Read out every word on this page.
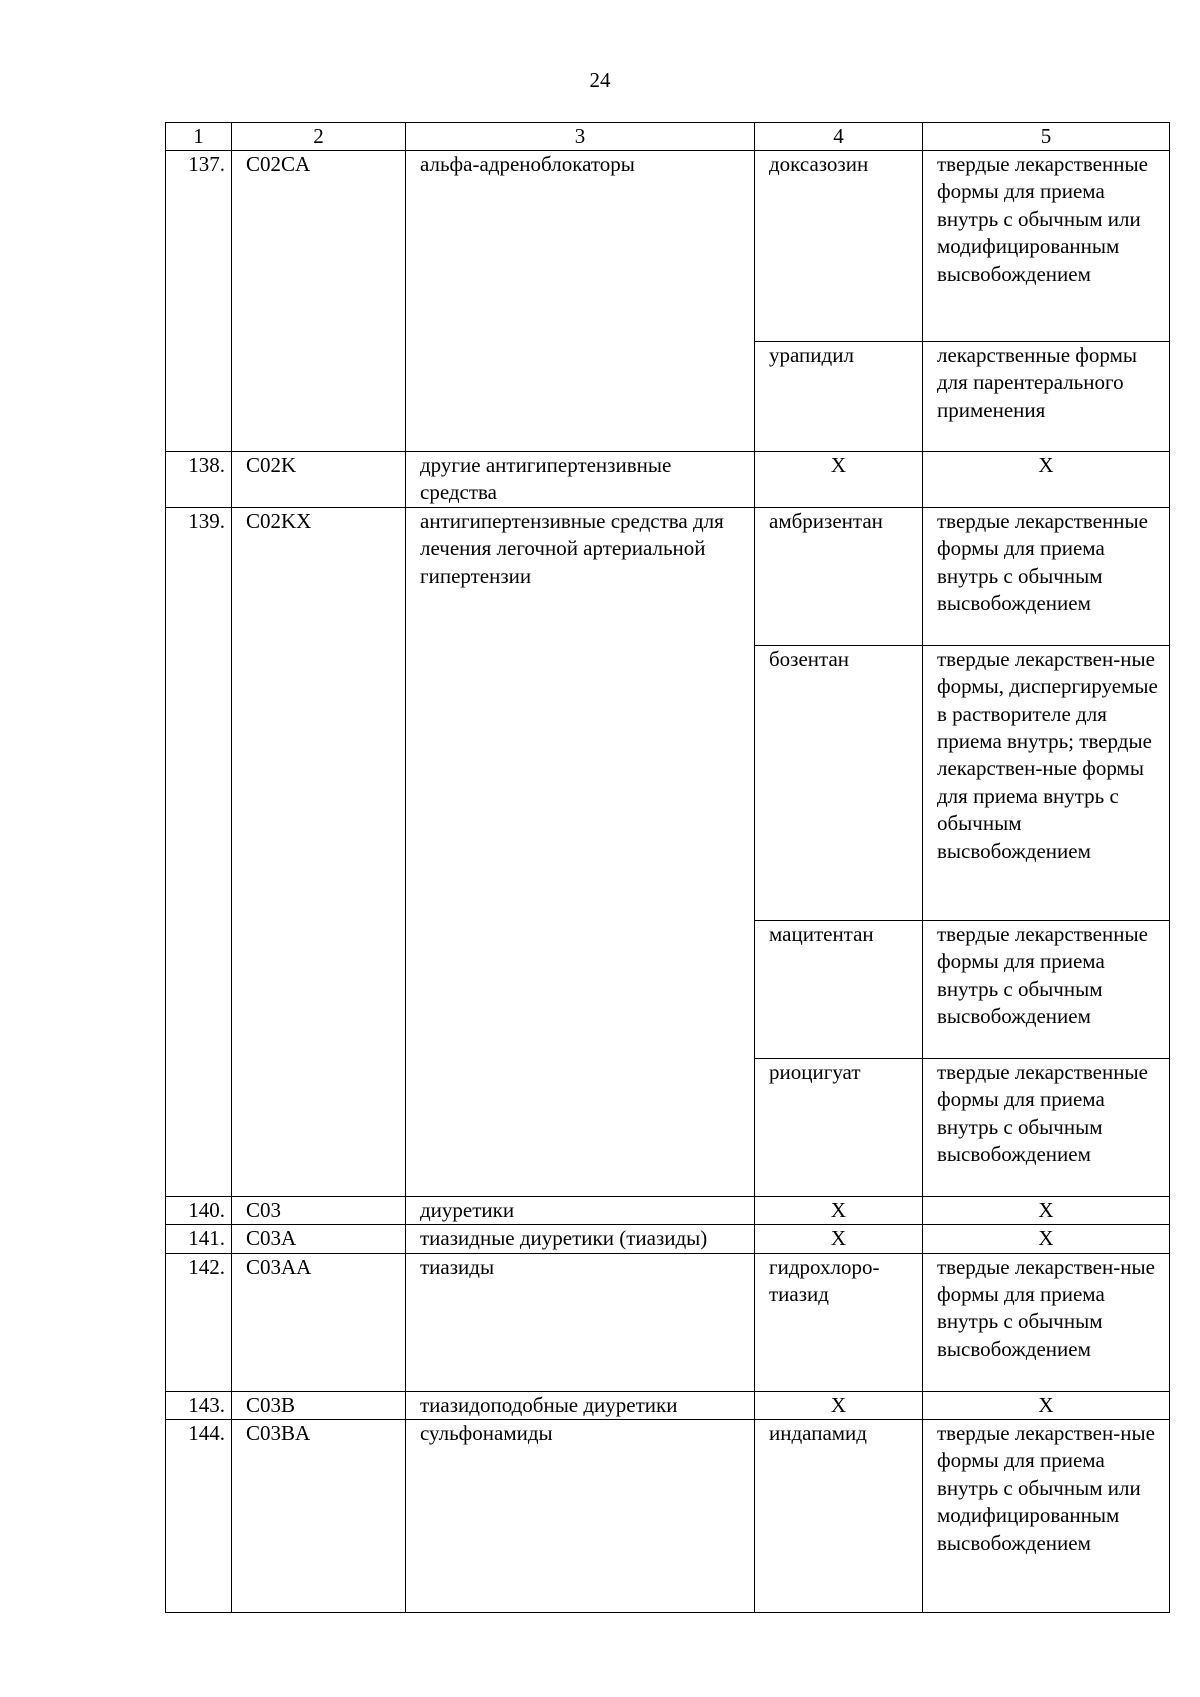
24
1	2	3	4	5
137.	C02CA	альфа-адреноблокаторы	доксазозин	твердые лекарственные формы для приема внутрь с обычным или модифицированным высвобождением
			урапидил	лекарственные формы для парентерального применения
138.	C02K	другие антигипертензивные средства	Х	Х
139.	C02KX	антигипертензивные средства для лечения легочной артериальной гипертензии	амбризентан	твердые лекарственные формы для приема внутрь с обычным высвобождением
			бозентан	твердые лекарствен-ные формы, диспергируемые в растворителе для приема внутрь; твердые лекарствен-ные формы для приема внутрь с обычным высвобождением
			мацитентан	твердые лекарственные формы для приема внутрь с обычным высвобождением
			риоцигуат	твердые лекарственные формы для приема внутрь с обычным высвобождением
140.	C03	диуретики	Х	Х
141.	C03A	тиазидные диуретики (тиазиды)	Х	Х
142.	C03AA	тиазиды	гидрохлоро-тиазид	твердые лекарствен-ные формы для приема внутрь с обычным высвобождением
143.	C03B	тиазидоподобные диуретики	Х	Х
144.	C03BA	сульфонамиды	индапамид	твердые лекарствен-ные формы для приема внутрь с обычным или модифицированным высвобождением
